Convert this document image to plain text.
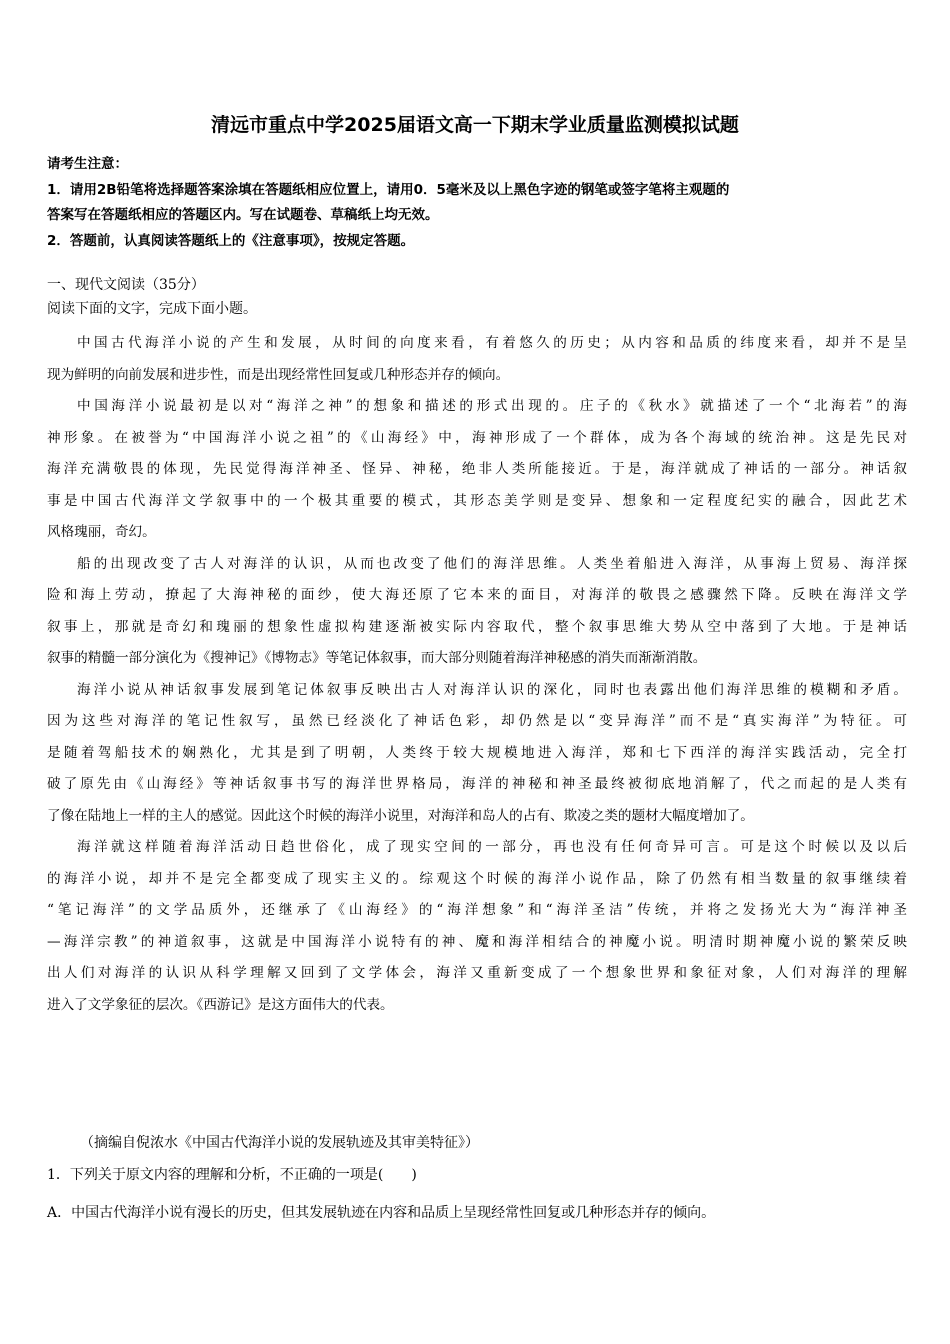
清远市重点中学2025届语文高一下期末学业质量监测模拟试题
请考生注意：
1．请用2B铅笔将选择题答案涂填在答题纸相应位置上，请用0．5毫米及以上黑色字迹的钢笔或签字笔将主观题的
答案写在答题纸相应的答题区内。写在试题卷、草稿纸上均无效。
2．答题前，认真阅读答题纸上的《注意事项》，按规定答题。
一、现代文阅读（35分）
阅读下面的文字，完成下面小题。
中国古代海洋小说的产生和发展，从时间的向度来看，有着悠久的历史；从内容和品质的纬度来看，却并不是呈
现为鲜明的向前发展和进步性，而是出现经常性回复或几种形态并存的倾向。
中国海洋小说最初是以对“海洋之神”的想象和描述的形式出现的。庄子的《秋水》就描述了一个“北海若”的海
神形象。在被誉为“中国海洋小说之祖”的《山海经》中，海神形成了一个群体，成为各个海域的统治神。这是先民对
海洋充满敬畏的体现，先民觉得海洋神圣、怪异、神秘，绝非人类所能接近。于是，海洋就成了神话的一部分。神话叙
事是中国古代海洋文学叙事中的一个极其重要的模式，其形态美学则是变异、想象和一定程度纪实的融合，因此艺术
风格瑰丽，奇幻。
船的出现改变了古人对海洋的认识，从而也改变了他们的海洋思维。人类坐着船进入海洋，从事海上贸易、海洋探
险和海上劳动，撩起了大海神秘的面纱，使大海还原了它本来的面目，对海洋的敬畏之感骤然下降。反映在海洋文学
叙事上，那就是奇幻和瑰丽的想象性虚拟构建逐渐被实际内容取代，整个叙事思维大势从空中落到了大地。于是神话
叙事的精髓一部分演化为《搜神记》《博物志》等笔记体叙事，而大部分则随着海洋神秘感的消失而渐渐消散。
海洋小说从神话叙事发展到笔记体叙事反映出古人对海洋认识的深化，同时也表露出他们海洋思维的模糊和矛盾。
因为这些对海洋的笔记性叙写，虽然已经淡化了神话色彩，却仍然是以“变异海洋”而不是“真实海洋”为特征。可
是随着驾船技术的娴熟化，尤其是到了明朝，人类终于较大规模地进入海洋，郑和七下西洋的海洋实践活动，完全打
破了原先由《山海经》等神话叙事书写的海洋世界格局，海洋的神秘和神圣最终被彻底地消解了，代之而起的是人类有
了像在陆地上一样的主人的感觉。因此这个时候的海洋小说里，对海洋和岛人的占有、欺凌之类的题材大幅度增加了。
海洋就这样随着海洋活动日趋世俗化，成了现实空间的一部分，再也没有任何奇异可言。可是这个时候以及以后
的海洋小说，却并不是完全都变成了现实主义的。综观这个时候的海洋小说作品，除了仍然有相当数量的叙事继续着
“笔记海洋”的文学品质外，还继承了《山海经》的“海洋想象”和“海洋圣洁”传统，并将之发扬光大为“海洋神圣
—海洋宗教”的神道叙事，这就是中国海洋小说特有的神、魔和海洋相结合的神魔小说。明清时期神魔小说的繁荣反映
出人们对海洋的认识从科学理解又回到了文学体会，海洋又重新变成了一个想象世界和象征对象，人们对海洋的理解
进入了文学象征的层次。《西游记》是这方面伟大的代表。
（摘编自倪浓水《中国古代海洋小说的发展轨迹及其审美特征》）
1．下列关于原文内容的理解和分析，不正确的一项是(　　)
A．中国古代海洋小说有漫长的历史，但其发展轨迹在内容和品质上呈现经常性回复或几种形态并存的倾向。
